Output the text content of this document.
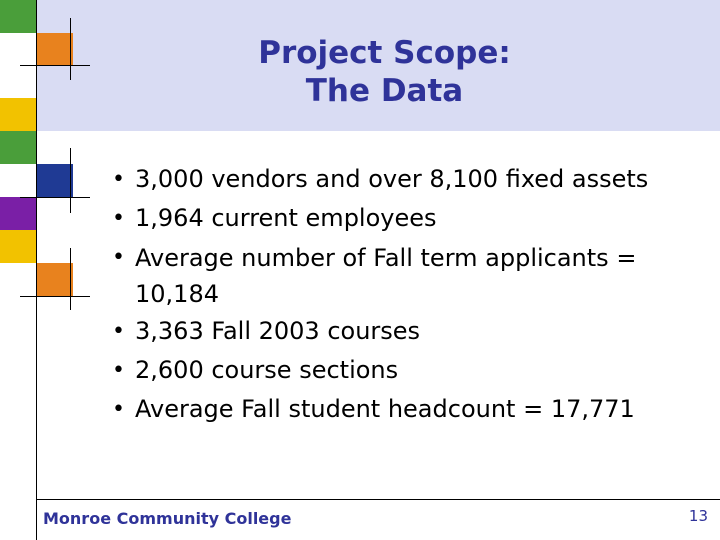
Project Scope:
The Data
• 3,000 vendors and over 8,100 fixed assets
• 1,964 current employees
• Average number of Fall term applicants = 10,184
• 3,363 Fall 2003 courses
• 2,600 course sections
• Average Fall student headcount = 17,771
Monroe Community College	13
